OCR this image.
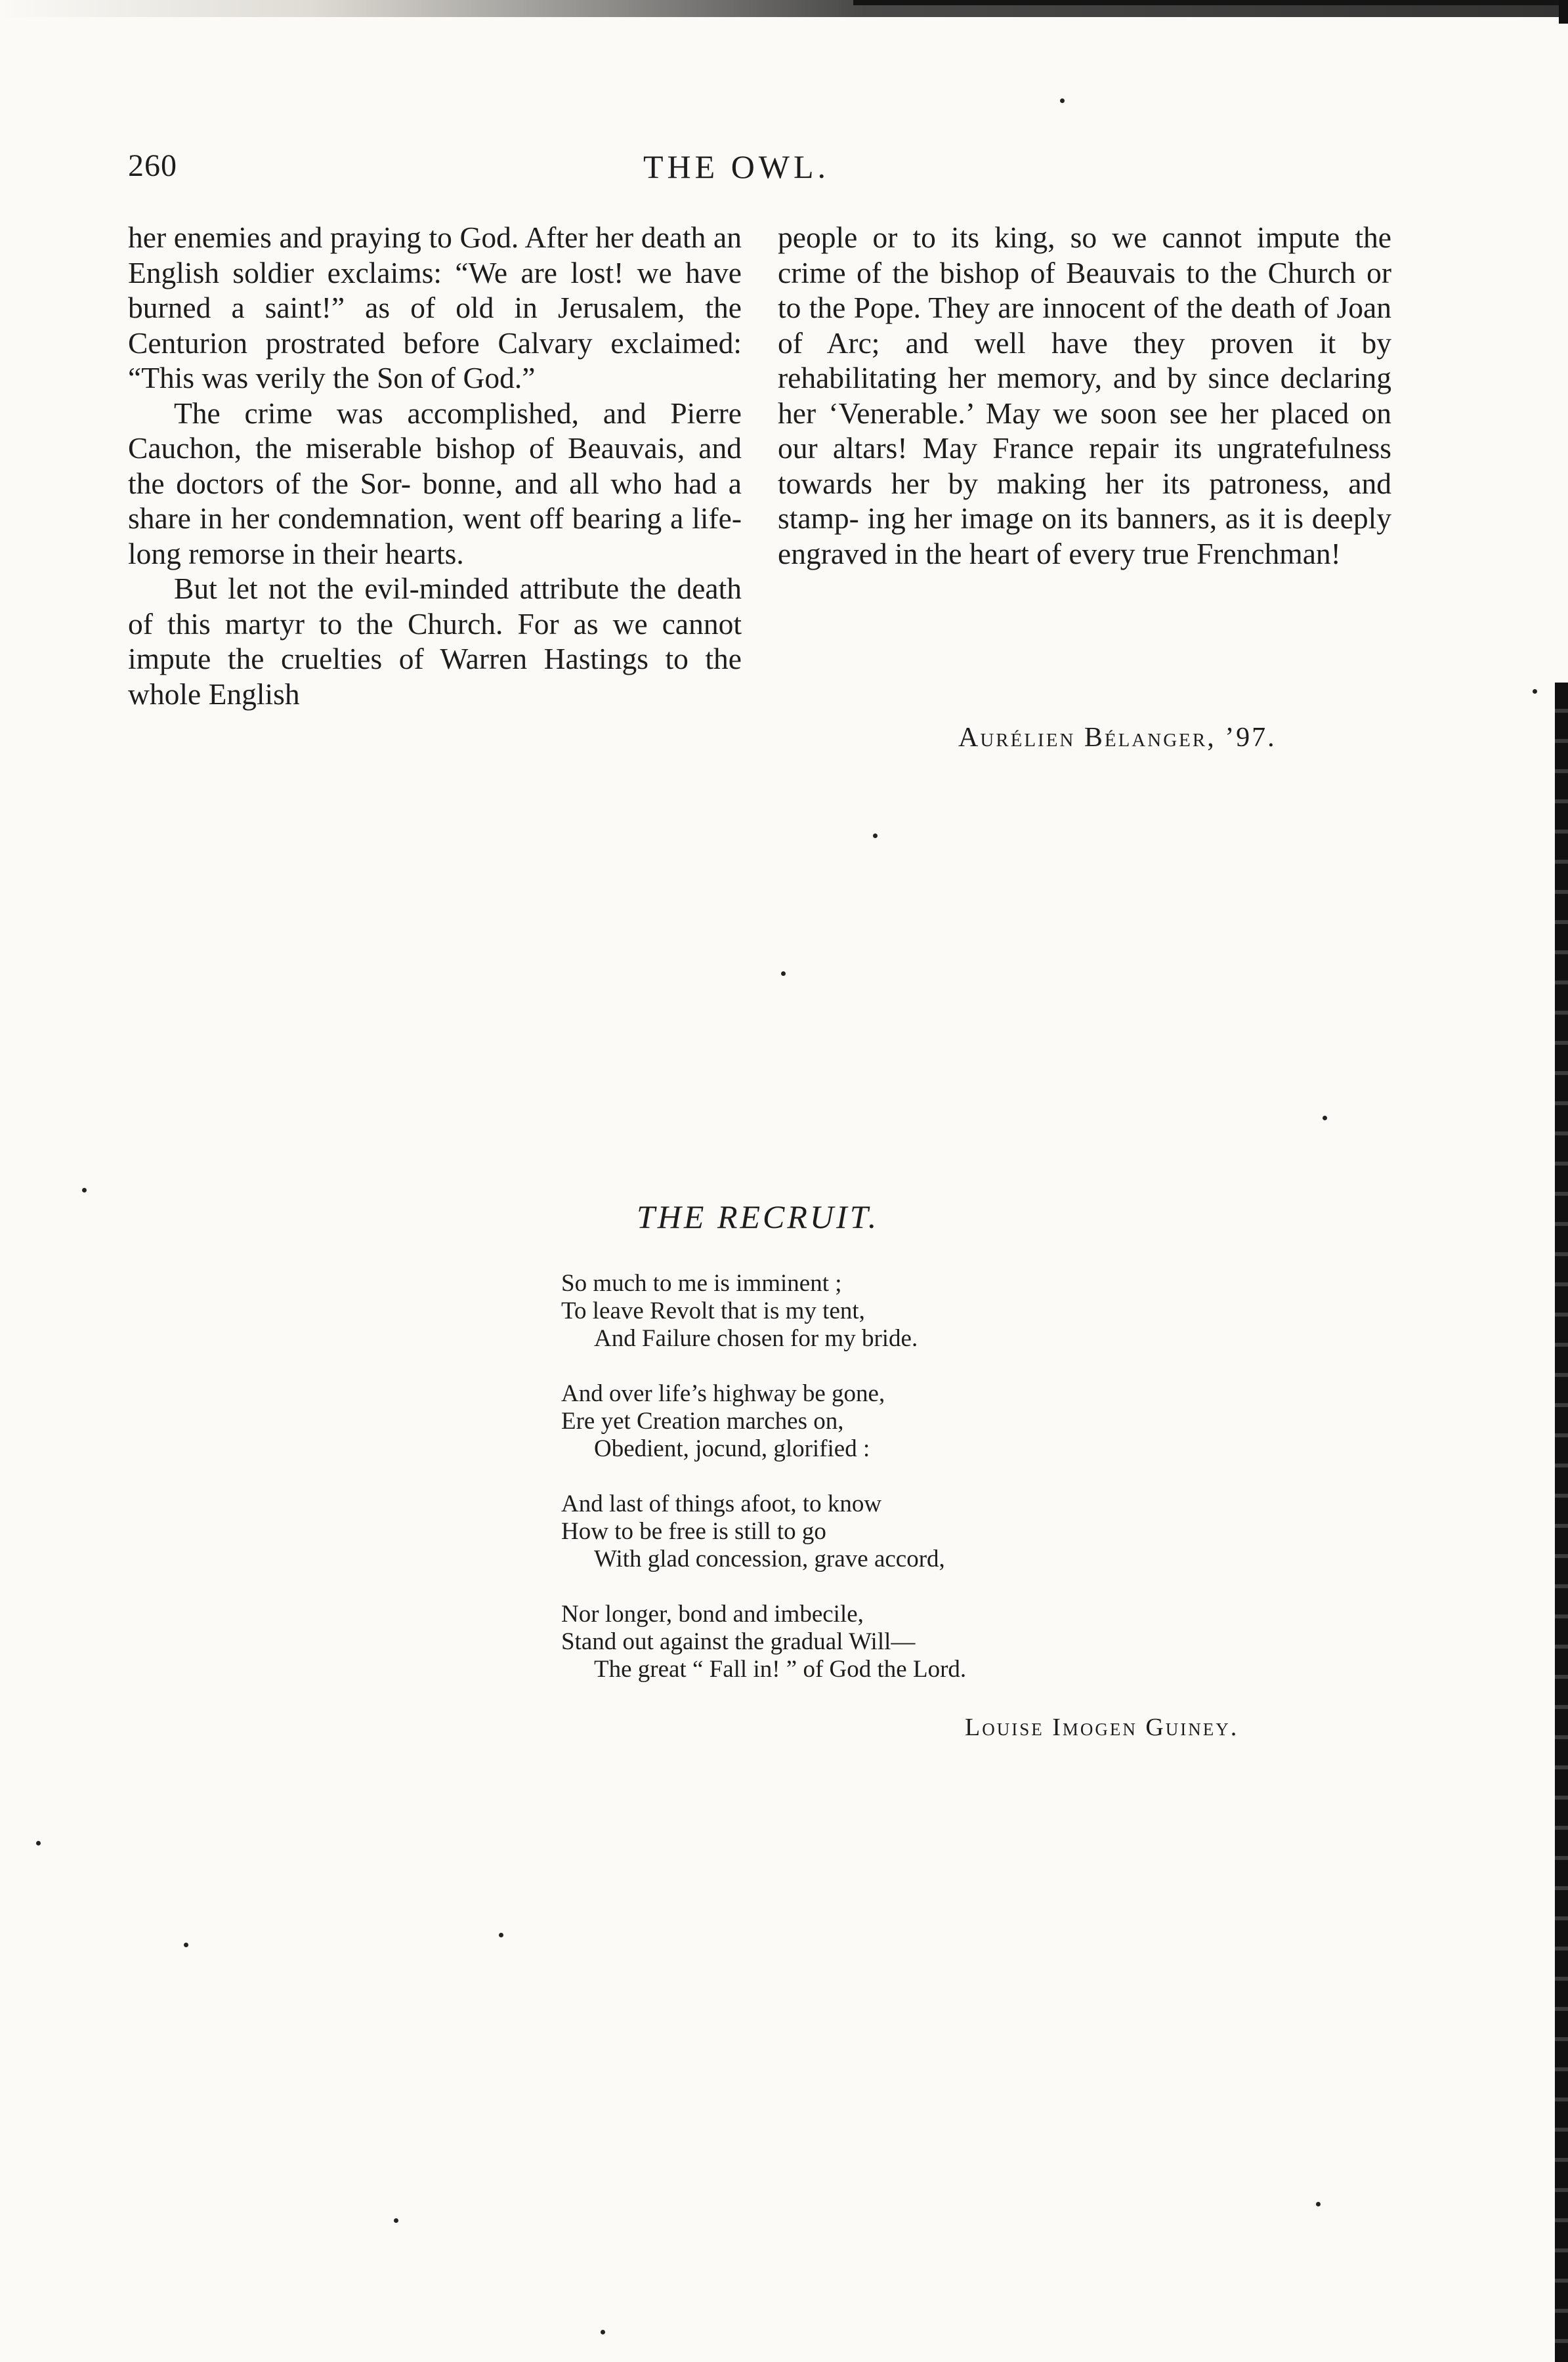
260	THE OWL.

her enemies and praying to God. After her death an English soldier exclaims: “We are lost! we have burned a saint!” as of old in Jerusalem, the Centurion prostrated before Calvary exclaimed: “This was verily the Son of God.”

The crime was accomplished, and Pierre Cauchon, the miserable bishop of Beauvais, and the doctors of the Sor- bonne, and all who had a share in her condemnation, went off bearing a life-long remorse in their hearts.

But let not the evil-minded attribute the death of this martyr to the Church. For as we cannot impute the cruelties of Warren Hastings to the whole English

people or to its king, so we cannot impute the crime of the bishop of Beauvais to the Church or to the Pope. They are innocent of the death of Joan of Arc; and well have they proven it by rehabilitating her memory, and by since declaring her ‘Venerable.’ May we soon see her placed on our altars! May France repair its ungratefulness towards her by making her its patroness, and stamp- ing her image on its banners, as it is deeply engraved in the heart of every true Frenchman!

Aurélien Bélanger, ’97.
THE RECRUIT.
So much to me is imminent ;
To leave Revolt that is my tent,
And Failure chosen for my bride.
And over life’s highway be gone,
Ere yet Creation marches on,
Obedient, jocund, glorified :
And last of things afoot, to know
How to be free is still to go
With glad concession, grave accord,
Nor longer, bond and imbecile,
Stand out against the gradual Will—
The great “ Fall in! ” of God the Lord.
Louise Imogen Guiney.
